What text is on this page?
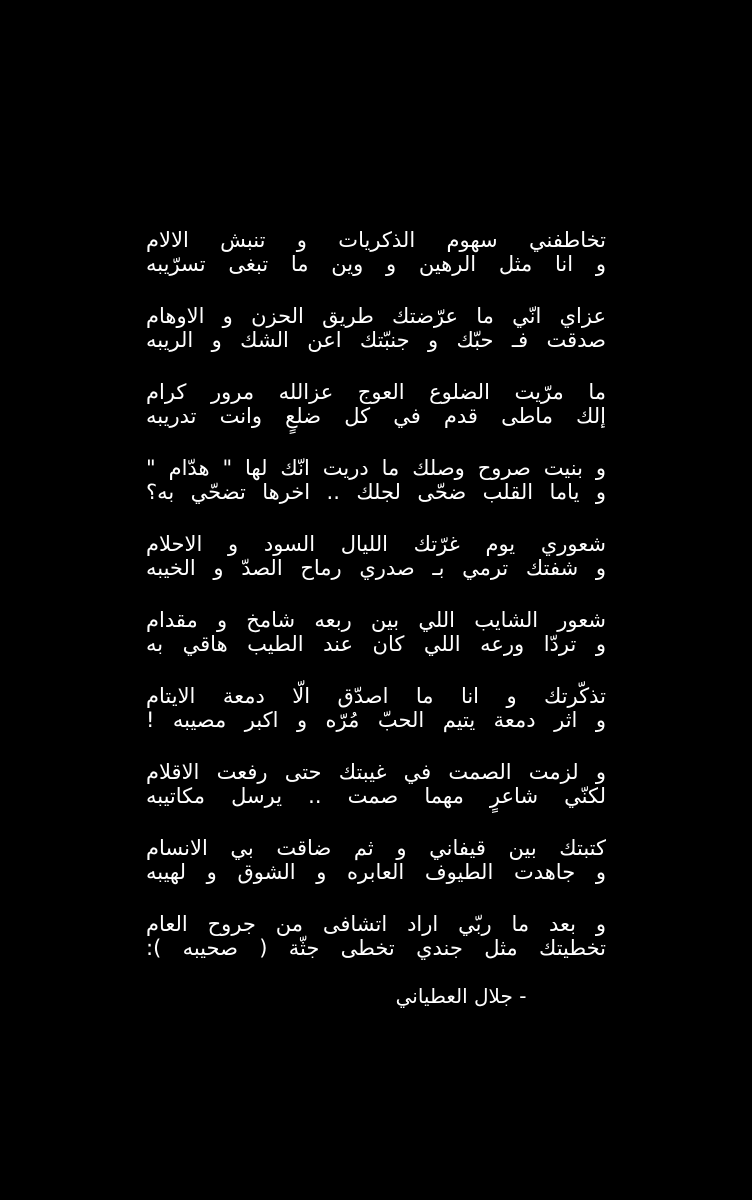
تخاطفني سهوم الذكريات و تنبش الالام
و انا مثل الرهين و وين ما تبغى تسرّيبه
عزاي انّي ما عرّضتك طريق الحزن و الاوهام
صدقت فـ حبّك و جنبّتك اعن الشك و الريبه
ما مرّيت الضلوع العوج عزالله مرور كرام
إلك ماطى قدم في كل ضلعٍ وانت تدريبه
و بنيت صروح وصلك ما دريت انّك لها " هدّام "
و ياما القلب ضحّى لجلك .. اخرها تضحّي به؟
شعوري يوم غرّتك الليال السود و الاحلام
و شفتك ترمي بـ صدري رماح الصدّ و الخيبه
شعور الشايب اللي بين ربعه شامخ و مقدام
و تردّا ورعه اللي كان عند الطيب هاقي به
تذكّرتك و انا ما اصدّق الّا دمعة الايتام
و اثر دمعة يتيم الحبّ مُرّه و اكبر مصيبه !
و لزمت الصمت في غيبتك حتى رفعت الاقلام
لكنّي شاعرٍ مهما صمت .. يرسل مكاتيبه
كتبتك بين قيفاني و ثم ضاقت بي الانسام
و جاهدت الطيوف العابره و الشوق و لهيبه
و بعد ما ربّي اراد اتشافى من جروح العام
تخطيتك مثل جندي تخطى جثّة ( صحيبه ):
- جلال العطياني
